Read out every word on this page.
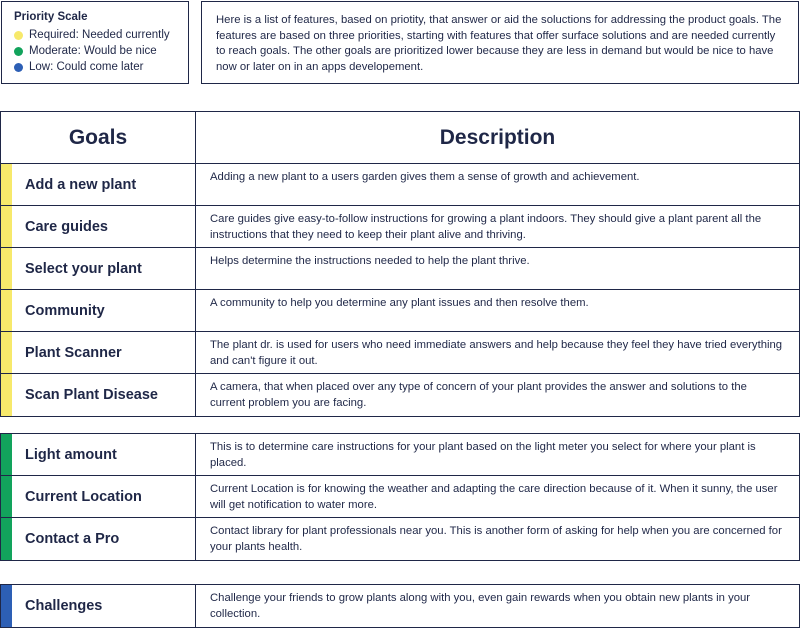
Priority Scale
Required: Needed currently
Moderate: Would be nice
Low: Could come later
Here is a list of features, based on priotity, that answer or aid the soluctions for addressing the product goals. The features are based on three priorities, starting with features that offer surface solutions and are needed currently to reach goals. The other goals are prioritized lower because they are less in demand but would be nice to have now or later on in an apps developement.
Goals	Description
Add a new plant	Adding a new plant to a users garden gives them a sense of growth and achievement.
Care guides	Care guides give easy-to-follow instructions for growing a plant indoors. They should give a plant parent all the instructions that they need to keep their plant alive and thriving.
Select your plant	Helps determine the instructions needed to help the plant thrive.
Community	A community to help you determine any plant issues and then resolve them.
Plant Scanner	The plant dr. is used for users who need immediate answers and help because they feel they have tried everything and can't figure it out.
Scan Plant Disease	A camera, that when placed over any type of concern of your plant provides the answer and solutions to the current problem you are facing.
Light amount	This is to determine care instructions for your plant based on the light meter you select for where your plant is placed.
Current Location	Current Location is for knowing the weather and adapting the care direction because of it. When it sunny, the user will get notification to water more.
Contact a Pro	Contact library for plant professionals near you. This is another form of asking for help when you are concerned for your plants health.
Challenges	Challenge your friends to grow plants along with you, even gain rewards when you obtain new plants in your collection.
